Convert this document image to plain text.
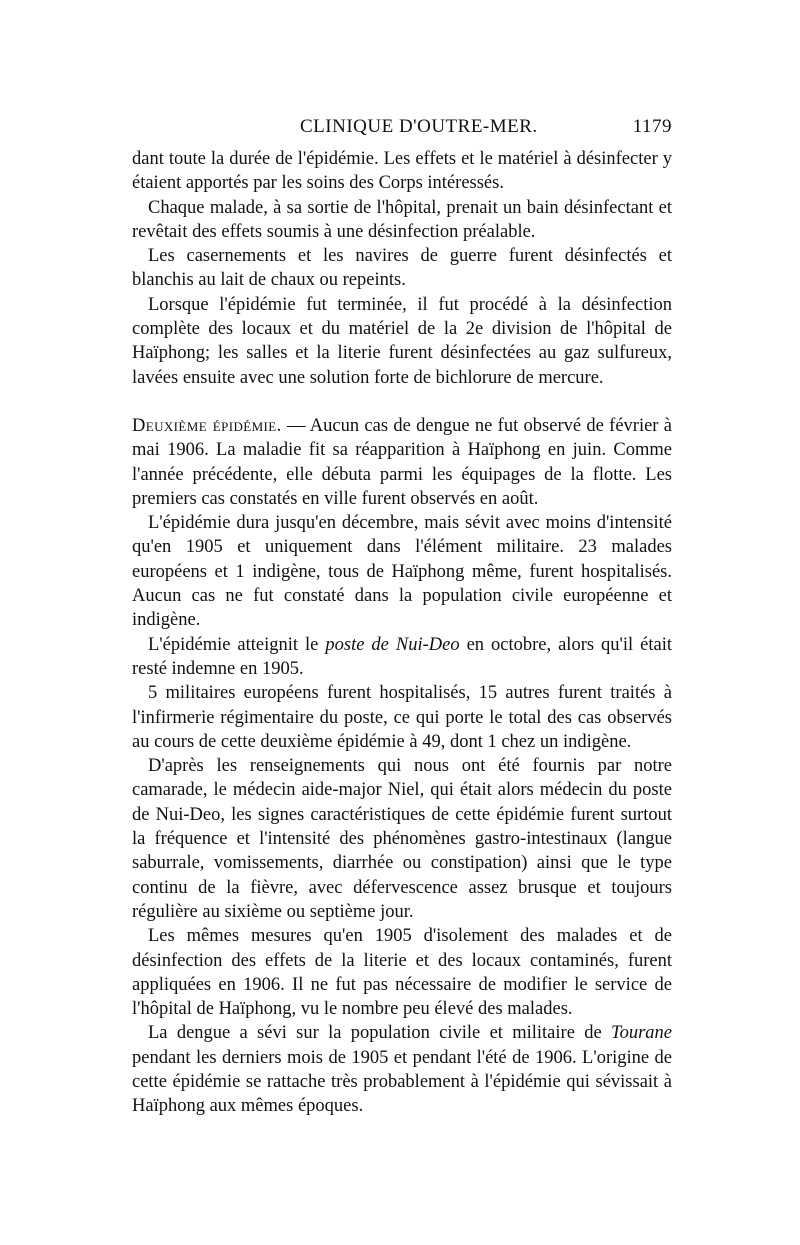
CLINIQUE D'OUTRE-MER.	1179

dant toute la durée de l'épidémie. Les effets et le matériel à désinfecter y étaient apportés par les soins des Corps intéressés.

Chaque malade, à sa sortie de l'hôpital, prenait un bain désinfectant et revêtait des effets soumis à une désinfection préalable.

Les casernements et les navires de guerre furent désinfectés et blanchis au lait de chaux ou repeints.

Lorsque l'épidémie fut terminée, il fut procédé à la désinfection complète des locaux et du matériel de la 2e division de l'hôpital de Haïphong; les salles et la literie furent désinfectées au gaz sulfureux, lavées ensuite avec une solution forte de bichlorure de mercure.

Deuxième épidémie. — Aucun cas de dengue ne fut observé de février à mai 1906. La maladie fit sa réapparition à Haïphong en juin. Comme l'année précédente, elle débuta parmi les équipages de la flotte. Les premiers cas constatés en ville furent observés en août.

L'épidémie dura jusqu'en décembre, mais sévit avec moins d'intensité qu'en 1905 et uniquement dans l'élément militaire. 23 malades européens et 1 indigène, tous de Haïphong même, furent hospitalisés. Aucun cas ne fut constaté dans la population civile européenne et indigène.

L'épidémie atteignit le poste de Nui-Deo en octobre, alors qu'il était resté indemne en 1905.

5 militaires européens furent hospitalisés, 15 autres furent traités à l'infirmerie régimentaire du poste, ce qui porte le total des cas observés au cours de cette deuxième épidémie à 49, dont 1 chez un indigène.

D'après les renseignements qui nous ont été fournis par notre camarade, le médecin aide-major Niel, qui était alors médecin du poste de Nui-Deo, les signes caractéristiques de cette épidémie furent surtout la fréquence et l'intensité des phénomènes gastro-intestinaux (langue saburrale, vomissements, diarrhée ou constipation) ainsi que le type continu de la fièvre, avec défervescence assez brusque et toujours régulière au sixième ou septième jour.

Les mêmes mesures qu'en 1905 d'isolement des malades et de désinfection des effets de la literie et des locaux contaminés, furent appliquées en 1906. Il ne fut pas nécessaire de modifier le service de l'hôpital de Haïphong, vu le nombre peu élevé des malades.

La dengue a sévi sur la population civile et militaire de Tourane pendant les derniers mois de 1905 et pendant l'été de 1906. L'origine de cette épidémie se rattache très probablement à l'épidémie qui sévissait à Haïphong aux mêmes époques.
